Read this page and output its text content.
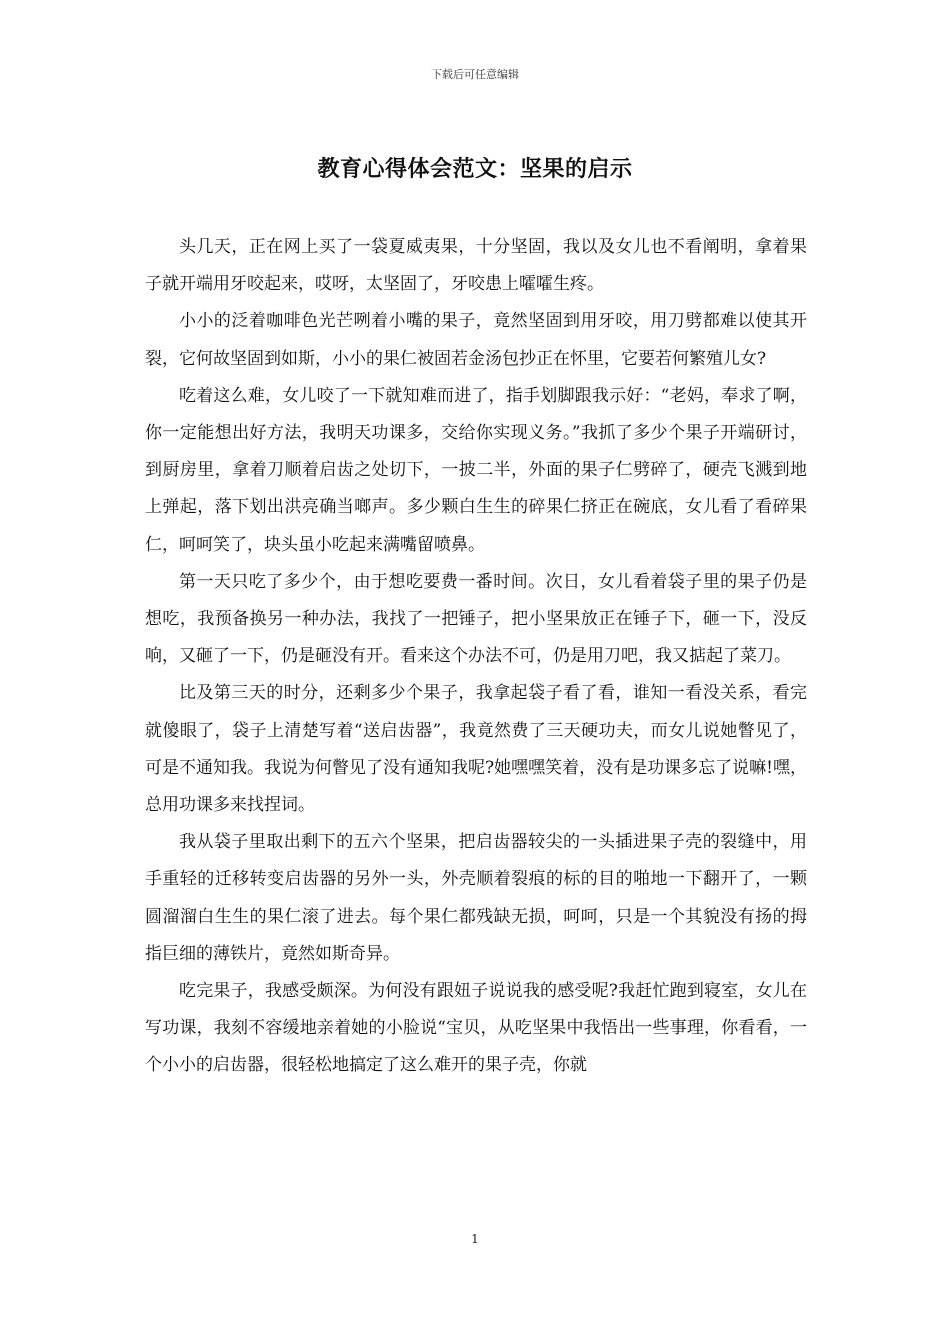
下载后可任意编辑
教育心得体会范文：坚果的启示

头几天，正在网上买了一袋夏威夷果，十分坚固，我以及女儿也不看阐明，拿着果子就开端用牙咬起来，哎呀，太坚固了，牙咬患上嚯嚯生疼。

小小的泛着咖啡色光芒咧着小嘴的果子，竟然坚固到用牙咬，用刀劈都难以使其开裂，它何故坚固到如斯，小小的果仁被固若金汤包抄正在怀里，它要若何繁殖儿女?

吃着这么难，女儿咬了一下就知难而进了，指手划脚跟我示好：“老妈，奉求了啊，你一定能想出好方法，我明天功课多，交给你实现义务。”我抓了多少个果子开端研讨，到厨房里，拿着刀顺着启齿之处切下，一披二半，外面的果子仁劈碎了，硬壳飞溅到地上弹起，落下划出洪亮确当啷声。多少颗白生生的碎果仁挤正在碗底，女儿看了看碎果仁，呵呵笑了，块头虽小吃起来满嘴留喷鼻。

第一天只吃了多少个，由于想吃要费一番时间。次日，女儿看着袋子里的果子仍是想吃，我预备换另一种办法，我找了一把锤子，把小坚果放正在锤子下，砸一下，没反响，又砸了一下，仍是砸没有开。看来这个办法不可，仍是用刀吧，我又掂起了菜刀。

比及第三天的时分，还剩多少个果子，我拿起袋子看了看，谁知一看没关系，看完就傻眼了，袋子上清楚写着“送启齿器”，我竟然费了三天硬功夫，而女儿说她瞥见了，可是不通知我。我说为何瞥见了没有通知我呢?她嘿嘿笑着，没有是功课多忘了说嘛!嘿，总用功课多来找捏词。

我从袋子里取出剩下的五六个坚果，把启齿器较尖的一头插进果子壳的裂缝中，用手重轻的迁移转变启齿器的另外一头，外壳顺着裂痕的标的目的啪地一下翻开了，一颗圆溜溜白生生的果仁滚了进去。每个果仁都残缺无损，呵呵，只是一个其貌没有扬的拇指巨细的薄铁片，竟然如斯奇异。

吃完果子，我感受颇深。为何没有跟妞子说说我的感受呢?我赶忙跑到寝室，女儿在写功课，我刻不容缓地亲着她的小脸说“宝贝，从吃坚果中我悟出一些事理，你看看，一个小小的启齿器，很轻松地搞定了这么难开的果子壳，你就

1
